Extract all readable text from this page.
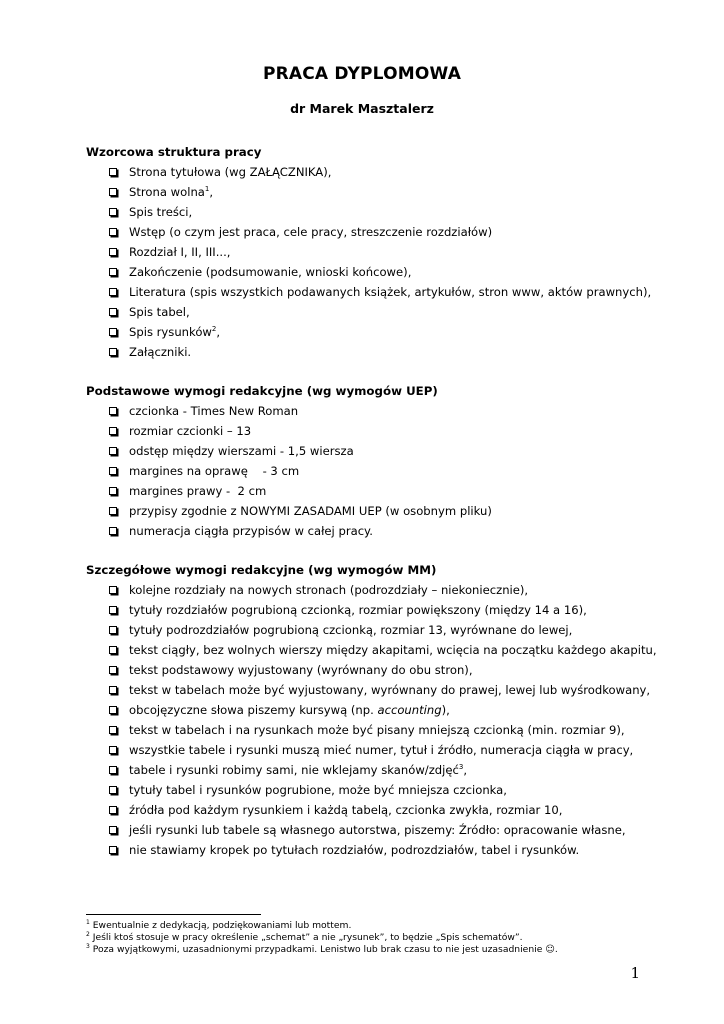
PRACA DYPLOMOWA
dr Marek Masztalerz
Wzorcowa struktura pracy
Strona tytułowa (wg ZAŁĄCZNIKA),
Strona wolna$^1$,
Spis treści,
Wstęp (o czym jest praca, cele pracy, streszczenie rozdziałów)
Rozdział I, II, III...,
Zakończenie (podsumowanie, wnioski końcowe),
Literatura (spis wszystkich podawanych książek, artykułów, stron www, aktów prawnych),
Spis tabel,
Spis rysunków$^2$,
Załączniki.
Podstawowe wymogi redakcyjne (wg wymogów UEP)
czcionka - Times New Roman
rozmiar czcionki – 13
odstęp między wierszami - 1,5 wiersza
margines na oprawę    - 3 cm
margines prawy -  2 cm
przypisy zgodnie z NOWYMI ZASADAMI UEP (w osobnym pliku)
numeracja ciągła przypisów w całej pracy.
Szczegółowe wymogi redakcyjne (wg wymogów MM)
kolejne rozdziały na nowych stronach (podrozdziały – niekoniecznie),
tytuły rozdziałów pogrubioną czcionką, rozmiar powiększony (między 14 a 16),
tytuły podrozdziałów pogrubioną czcionką, rozmiar 13, wyrównane do lewej,
tekst ciągły, bez wolnych wierszy między akapitami, wcięcia na początku każdego akapitu,
tekst podstawowy wyjustowany (wyrównany do obu stron),
tekst w tabelach może być wyjustowany, wyrównany do prawej, lewej lub wyśrodkowany,
obcojęzyczne słowa piszemy kursywą (np. accounting),
tekst w tabelach i na rysunkach może być pisany mniejszą czcionką (min. rozmiar 9),
wszystkie tabele i rysunki muszą mieć numer, tytuł i źródło, numeracja ciągła w pracy,
tabele i rysunki robimy sami, nie wklejamy skanów/zdjęć$^3$,
tytuły tabel i rysunków pogrubione, może być mniejsza czcionka,
źródła pod każdym rysunkiem i każdą tabelą, czcionka zwykła, rozmiar 10,
jeśli rysunki lub tabele są własnego autorstwa, piszemy: Źródło: opracowanie własne,
nie stawiamy kropek po tytułach rozdziałów, podrozdziałów, tabel i rysunków.
$^1$ Ewentualnie z dedykacją, podziękowaniami lub mottem.
$^2$ Jeśli ktoś stosuje w pracy określenie „schemat” a nie „rysunek”, to będzie „Spis schematów”.
$^3$ Poza wyjątkowymi, uzasadnionymi przypadkami. Lenistwo lub brak czasu to nie jest uzasadnienie ☺.
1
